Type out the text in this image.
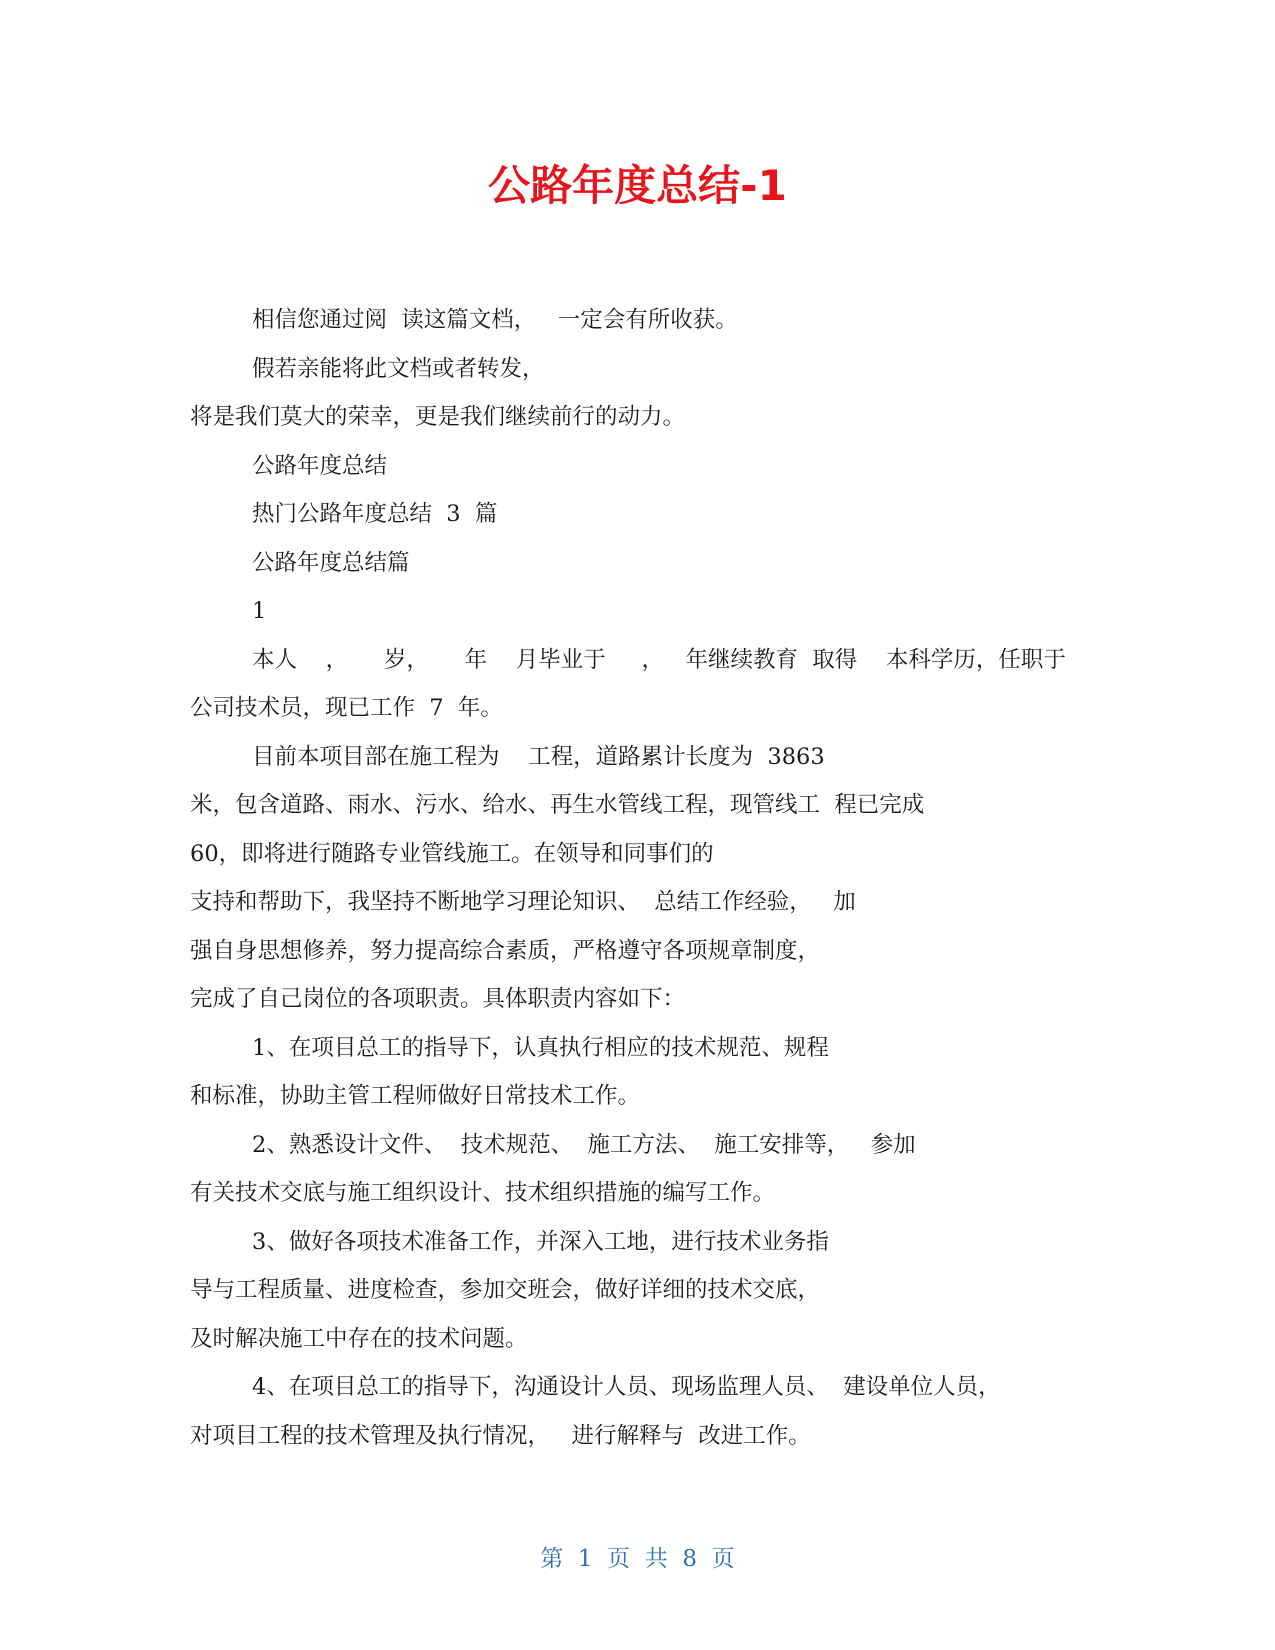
公路年度总结-1
相信您通过阅  读这篇文档，   一定会有所收获。
假若亲能将此文档或者转发，
将是我们莫大的荣幸，更是我们继续前行的动力。
公路年度总结
热门公路年度总结  3  篇
公路年度总结篇
1
本人    ，     岁，     年    月毕业于     ，   年继续教育  取得    本科学历，任职于
公司技术员，现已工作  7  年。
目前本项目部在施工程为    工程，道路累计长度为  3863
米，包含道路、雨水、污水、给水、再生水管线工程，现管线工  程已完成
60，即将进行随路专业管线施工。在领导和同事们的
支持和帮助下，我坚持不断地学习理论知识、  总结工作经验，   加
强自身思想修养，努力提高综合素质，严格遵守各项规章制度，
完成了自己岗位的各项职责。具体职责内容如下：
1、在项目总工的指导下，认真执行相应的技术规范、规程
和标准，协助主管工程师做好日常技术工作。
2、熟悉设计文件、  技术规范、  施工方法、  施工安排等，   参加
有关技术交底与施工组织设计、技术组织措施的编写工作。
3、做好各项技术准备工作，并深入工地，进行技术业务指
导与工程质量、进度检查，参加交班会，做好详细的技术交底，
及时解决施工中存在的技术问题。
4、在项目总工的指导下，沟通设计人员、现场监理人员、  建设单位人员，
对项目工程的技术管理及执行情况，   进行解释与  改进工作。
第  1  页  共  8  页
